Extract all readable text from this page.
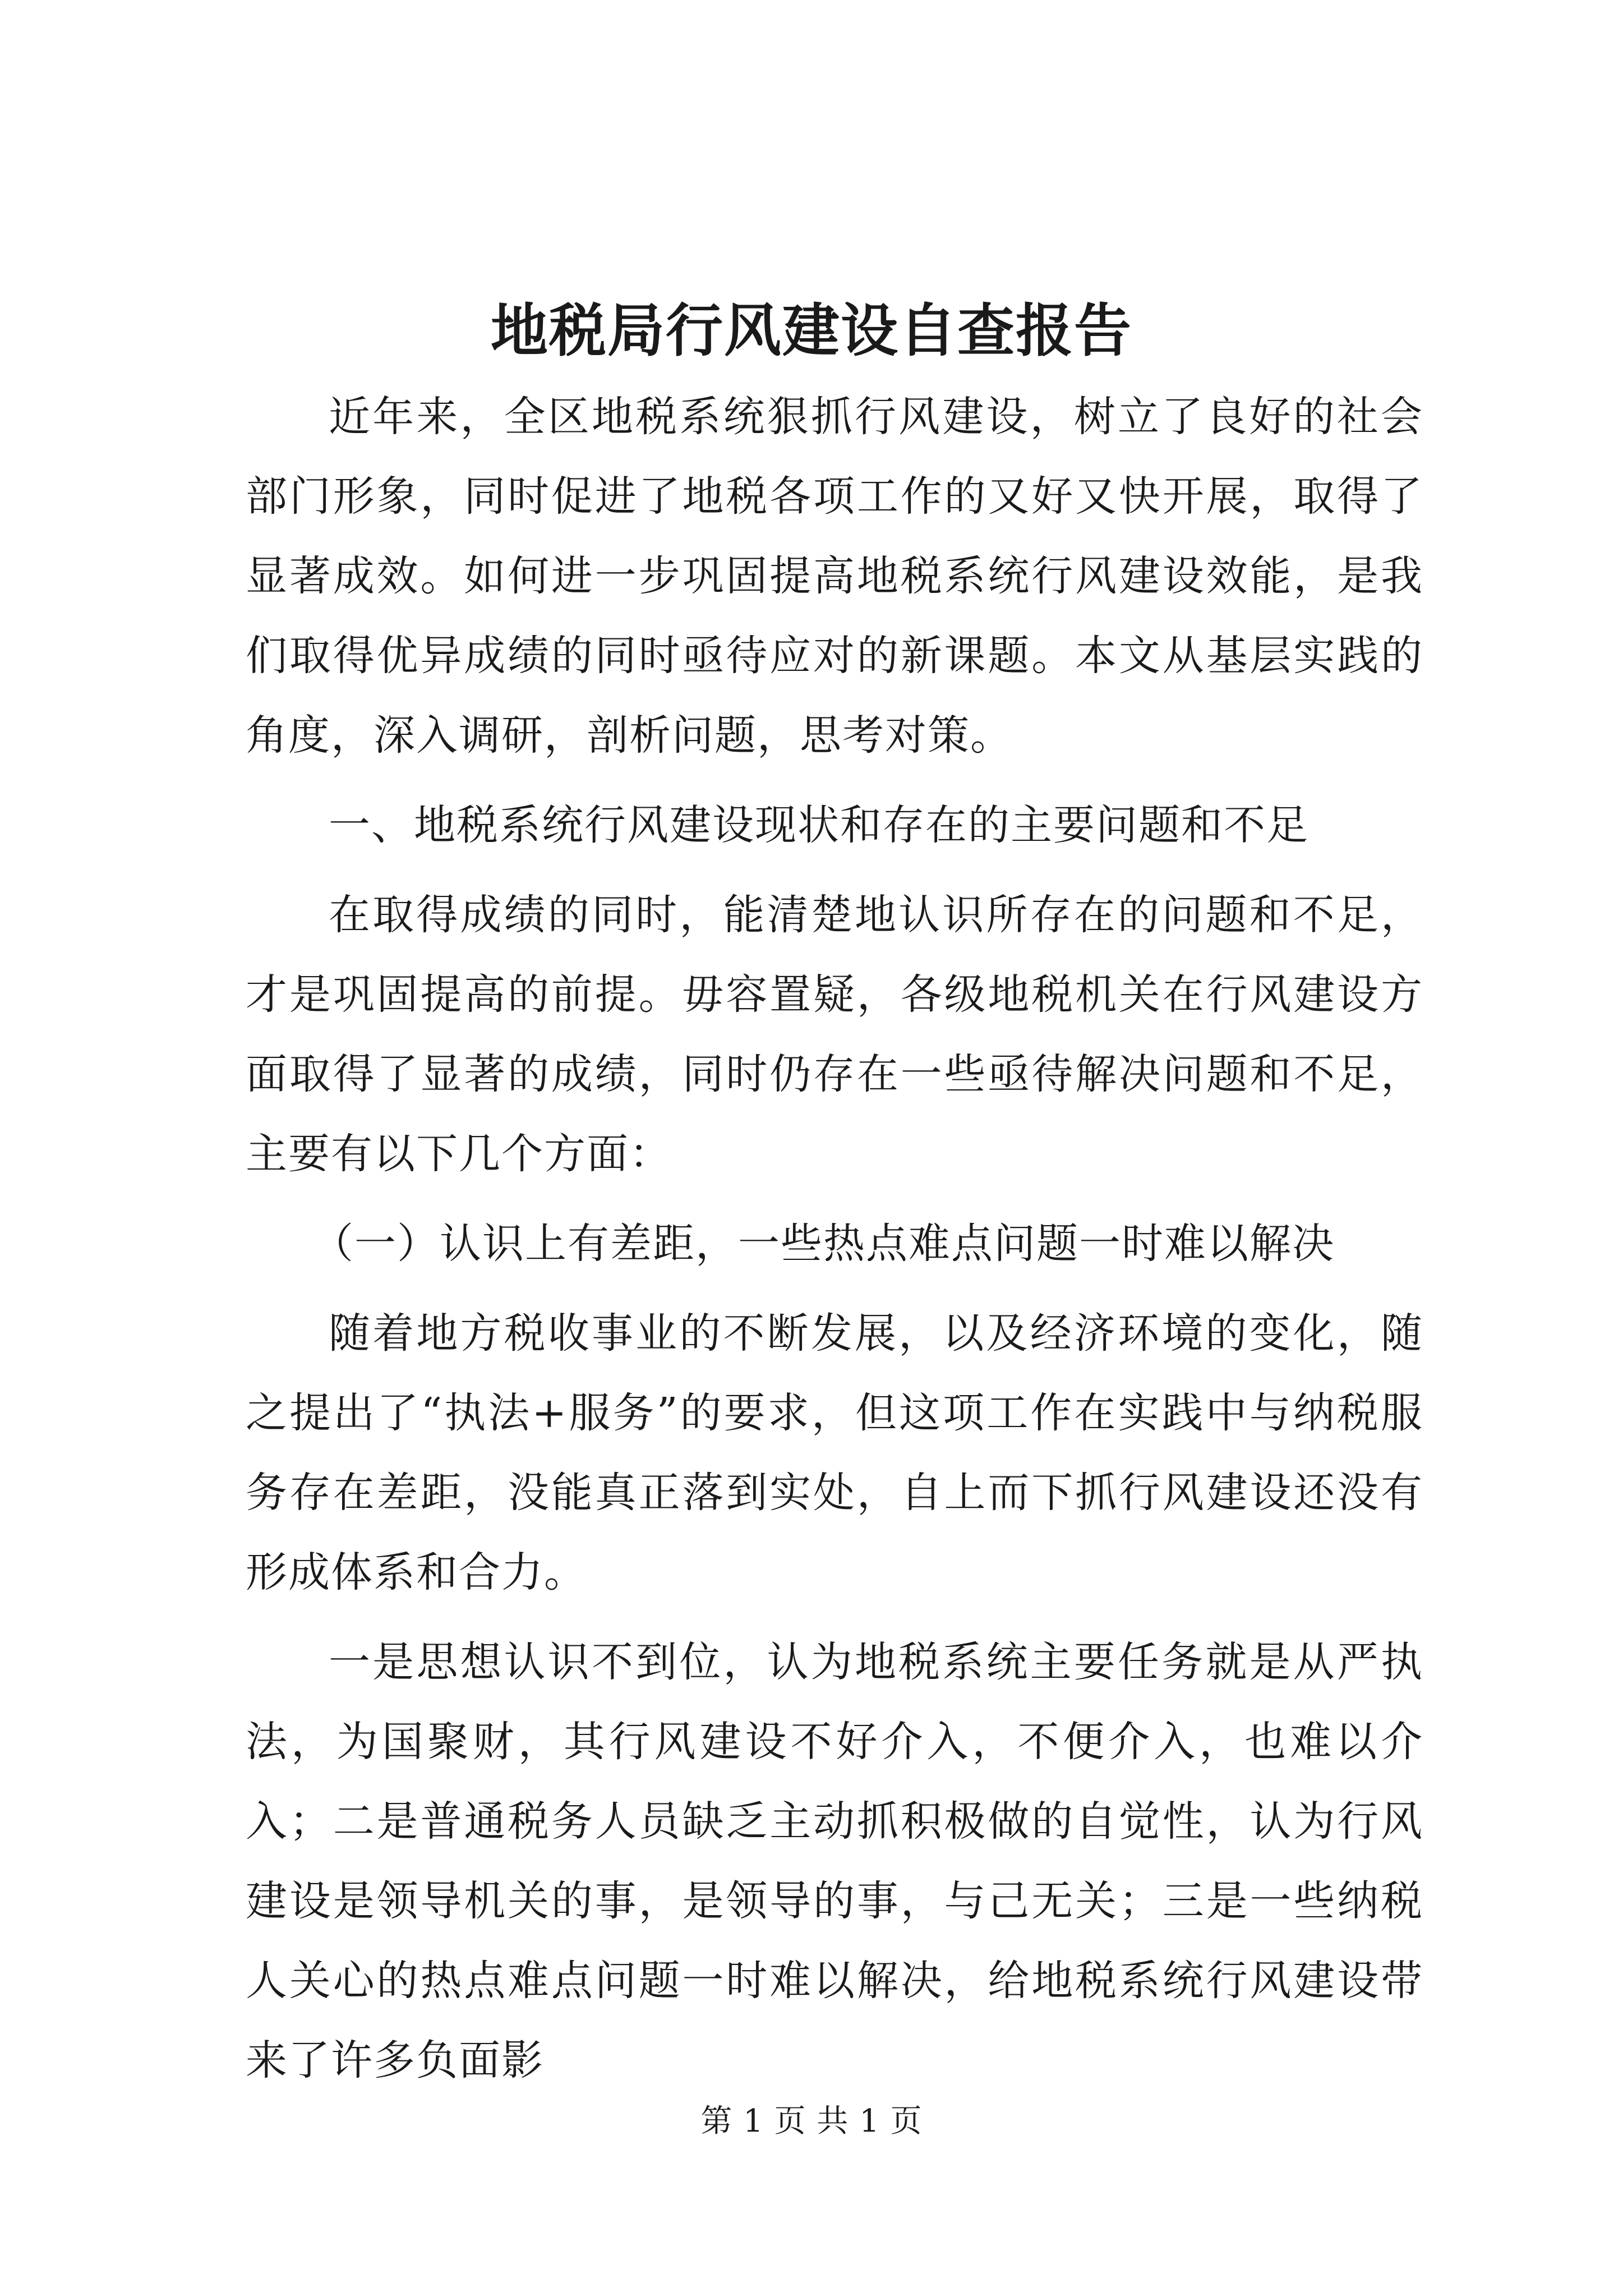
地税局行风建设自查报告

近年来，全区地税系统狠抓行风建设，树立了良好的社会部门形象，同时促进了地税各项工作的又好又快开展，取得了显著成效。如何进一步巩固提高地税系统行风建设效能，是我们取得优异成绩的同时亟待应对的新课题。本文从基层实践的角度，深入调研，剖析问题，思考对策。

一、地税系统行风建设现状和存在的主要问题和不足

在取得成绩的同时，能清楚地认识所存在的问题和不足，才是巩固提高的前提。毋容置疑，各级地税机关在行风建设方面取得了显著的成绩，同时仍存在一些亟待解决问题和不足，主要有以下几个方面：

（一）认识上有差距，一些热点难点问题一时难以解决

随着地方税收事业的不断发展，以及经济环境的变化，随之提出了“执法+服务”的要求，但这项工作在实践中与纳税服务存在差距，没能真正落到实处，自上而下抓行风建设还没有形成体系和合力。

一是思想认识不到位，认为地税系统主要任务就是从严执法，为国聚财，其行风建设不好介入，不便介入，也难以介入；二是普通税务人员缺乏主动抓积极做的自觉性，认为行风建设是领导机关的事，是领导的事，与己无关；三是一些纳税人关心的热点难点问题一时难以解决，给地税系统行风建设带来了许多负面影

第 1 页 共 1 页
